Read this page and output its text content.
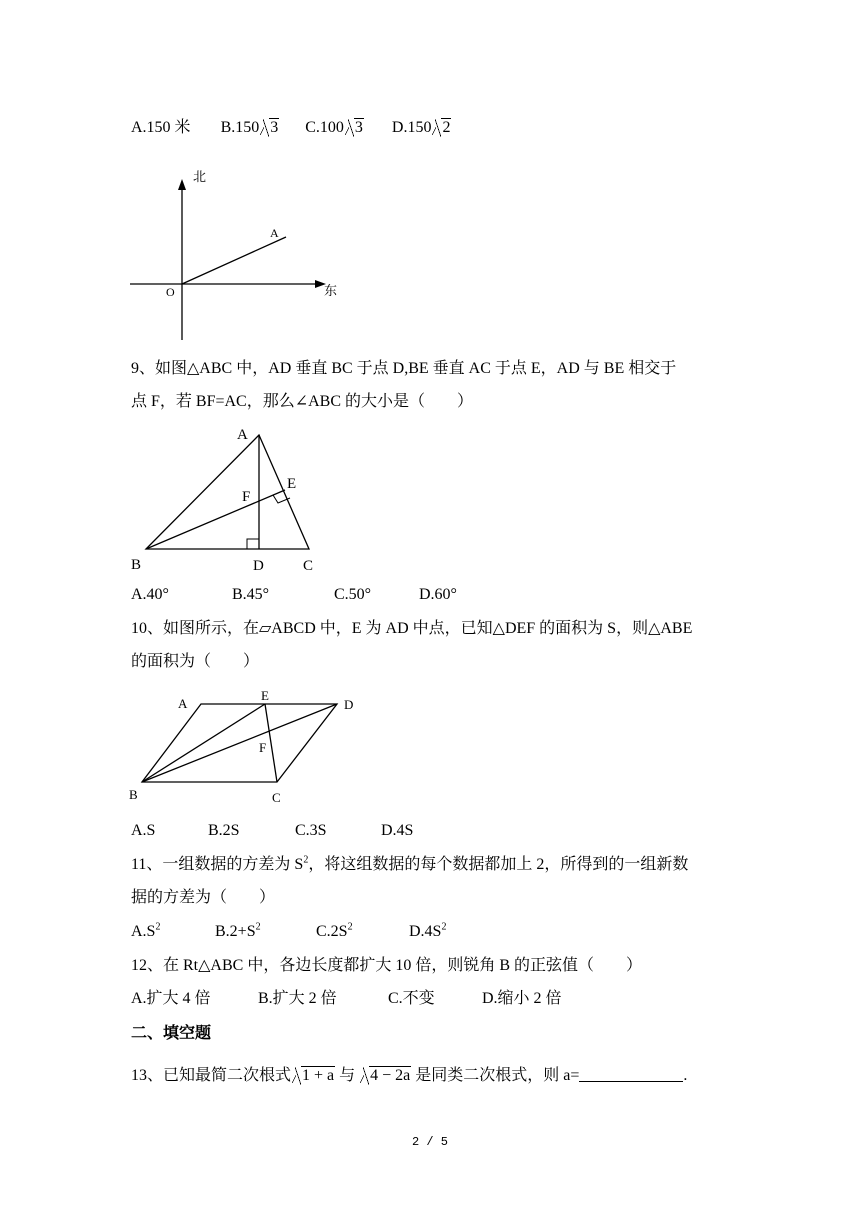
A.150 米 B.150 3 C.100 3 D.150 2
北
东
A
O
9、如图△ABC 中，AD 垂直 BC 于点 D,BE 垂直 AC 于点 E，AD 与 BE 相交于
点 F，若 BF=AC，那么∠ABC 的大小是（　　）
A
B	C
D
E
F
A.40°	B.45°	C.50°	D.60°
10、如图所示，在▱ABCD 中，E 为 AD 中点，已知△DEF 的面积为 S，则△ABE
的面积为（　　）
A
B	C
D
E
F
A.S	B.2S	C.3S	D.4S
11、一组数据的方差为 $S^2$，将这组数据的每个数据都加上 2，所得到的一组新数
据的方差为（　　）
$A.S^2$	$B.2+S^2$	$C.2S^2$	$D.4S^2$
12、在 Rt△ABC 中，各边长度都扩大 10 倍，则锐角 B 的正弦值（　　）
A.扩大 4 倍	B.扩大 2 倍	C.不变	D.缩小 2 倍
二、填空题
13、已知最简二次根式 1 + a 与 4 − 2a 是同类二次根式，则 a=	.
2 / 5
